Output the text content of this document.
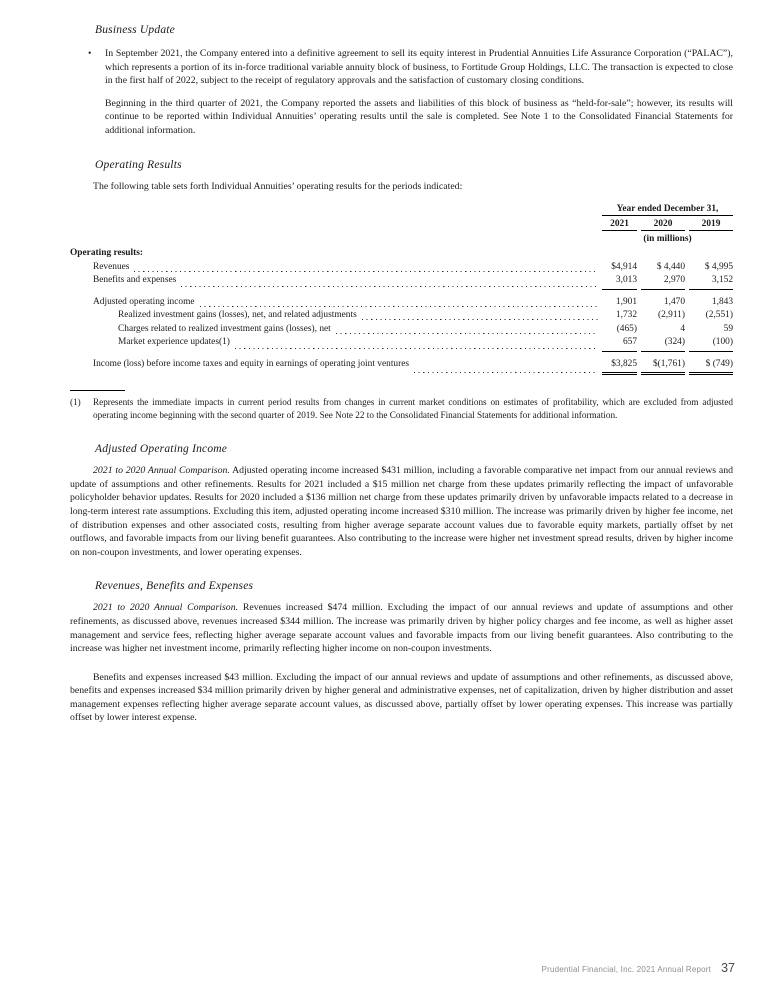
Business Update
•	In September 2021, the Company entered into a definitive agreement to sell its equity interest in Prudential Annuities Life Assurance Corporation (“PALAC”), which represents a portion of its in-force traditional variable annuity block of business, to Fortitude Group Holdings, LLC. The transaction is expected to close in the first half of 2022, subject to the receipt of regulatory approvals and the satisfaction of customary closing conditions.

Beginning in the third quarter of 2021, the Company reported the assets and liabilities of this block of business as “held-for-sale”; however, its results will continue to be reported within Individual Annuities’ operating results until the sale is completed. See Note 1 to the Consolidated Financial Statements for additional information.

Operating Results

The following table sets forth Individual Annuities’ operating results for the periods indicated:

Year ended December 31,
2021	2020	2019
(in millions)
Operating results:
Revenues	$4,914	$ 4,440	$ 4,995
Benefits and expenses	3,013	2,970	3,152
Adjusted operating income	1,901	1,470	1,843
Realized investment gains (losses), net, and related adjustments	1,732	(2,911)	(2,551)
Charges related to realized investment gains (losses), net	(465)	4	59
Market experience updates(1)	657	(324)	(100)
Income (loss) before income taxes and equity in earnings of operating joint ventures	$3,825	$(1,761)	$ (749)
(1)	Represents the immediate impacts in current period results from changes in current market conditions on estimates of profitability, which are excluded from adjusted operating income beginning with the second quarter of 2019. See Note 22 to the Consolidated Financial Statements for additional information.

Adjusted Operating Income

2021 to 2020 Annual Comparison. Adjusted operating income increased $431 million, including a favorable comparative net impact from our annual reviews and update of assumptions and other refinements. Results for 2021 included a $15 million net charge from these updates primarily reflecting the impact of unfavorable policyholder behavior updates. Results for 2020 included a $136 million net charge from these updates primarily driven by unfavorable impacts related to a decrease in long-term interest rate assumptions. Excluding this item, adjusted operating income increased $310 million. The increase was primarily driven by higher fee income, net of distribution expenses and other associated costs, resulting from higher average separate account values due to favorable equity markets, partially offset by net outflows, and favorable impacts from our living benefit guarantees. Also contributing to the increase were higher net investment spread results, driven by higher income on non-coupon investments, and lower operating expenses.

Revenues, Benefits and Expenses

2021 to 2020 Annual Comparison. Revenues increased $474 million. Excluding the impact of our annual reviews and update of assumptions and other refinements, as discussed above, revenues increased $344 million. The increase was primarily driven by higher policy charges and fee income, as well as higher asset management and service fees, reflecting higher average separate account values and favorable impacts from our living benefit guarantees. Also contributing to the increase was higher net investment income, primarily reflecting higher income on non-coupon investments.

Benefits and expenses increased $43 million. Excluding the impact of our annual reviews and update of assumptions and other refinements, as discussed above, benefits and expenses increased $34 million primarily driven by higher general and administrative expenses, net of capitalization, driven by higher distribution and asset management expenses reflecting higher average separate account values, as discussed above, partially offset by lower operating expenses. This increase was partially offset by lower interest expense.

Prudential Financial, Inc. 2021 Annual Report 37
